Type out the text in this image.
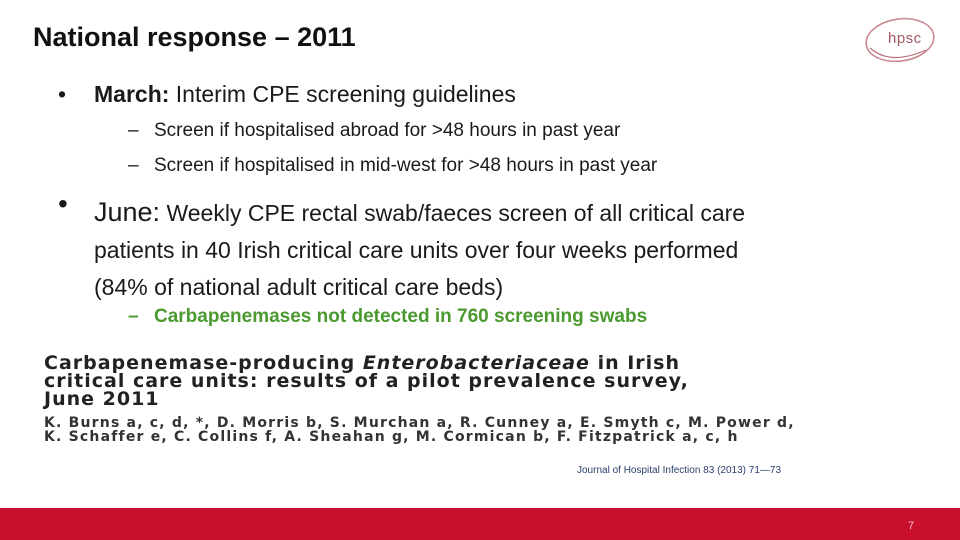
National response – 2011	hpsc
• March: Interim CPE screening guidelines
– Screen if hospitalised abroad for >48 hours in past year
– Screen if hospitalised in mid-west for >48 hours in past year
• June: Weekly CPE rectal swab/faeces screen of all critical care
patients in 40 Irish critical care units over four weeks performed
(84% of national adult critical care beds)
– Carbapenemases not detected in 760 screening swabs
Carbapenemase-producing Enterobacteriaceae in Irish
critical care units: results of a pilot prevalence survey,
June 2011
K. Burns a, c, d, *, D. Morris b, S. Murchan a, R. Cunney a, E. Smyth c, M. Power d,
K. Schaffer e, C. Collins f, A. Sheahan g, M. Cormican b, F. Fitzpatrick a, c, h
Journal of Hospital Infection 83 (2013) 71—73
7
